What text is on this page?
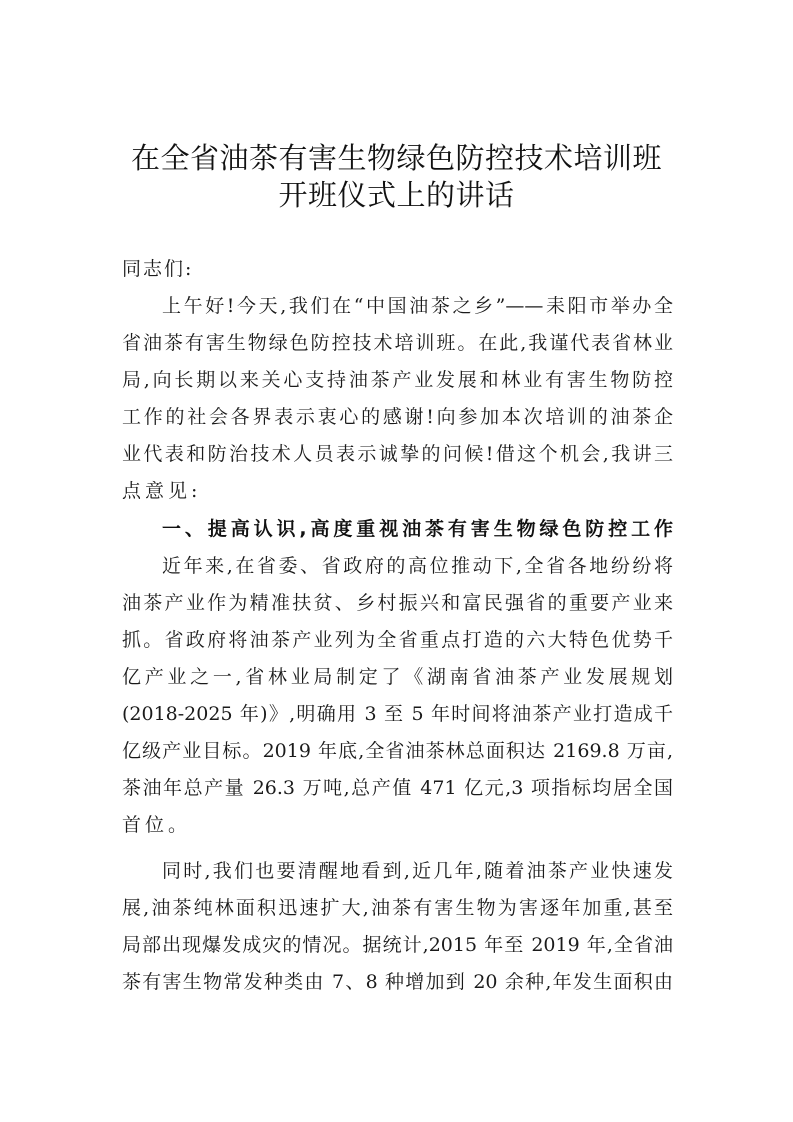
在全省油茶有害生物绿色防控技术培训班
开班仪式上的讲话
同志们:
上午好!今天,我们在“中国油茶之乡”——耒阳市举办全
省油茶有害生物绿色防控技术培训班。在此,我谨代表省林业
局,向长期以来关心支持油茶产业发展和林业有害生物防控
工作的社会各界表示衷心的感谢!向参加本次培训的油茶企
业代表和防治技术人员表示诚挚的问候!借这个机会,我讲三
点意见:
一、提高认识,高度重视油茶有害生物绿色防控工作
近年来,在省委、省政府的高位推动下,全省各地纷纷将
油茶产业作为精准扶贫、乡村振兴和富民强省的重要产业来
抓。省政府将油茶产业列为全省重点打造的六大特色优势千
亿产业之一,省林业局制定了《湖南省油茶产业发展规划
(2018-2025 年)》,明确用 3 至 5 年时间将油茶产业打造成千
亿级产业目标。2019 年底,全省油茶林总面积达 2169.8 万亩,
茶油年总产量 26.3 万吨,总产值 471 亿元,3 项指标均居全国
首位。
同时,我们也要清醒地看到,近几年,随着油茶产业快速发
展,油茶纯林面积迅速扩大,油茶有害生物为害逐年加重,甚至
局部出现爆发成灾的情况。据统计,2015 年至 2019 年,全省油
茶有害生物常发种类由 7、8 种增加到 20 余种,年发生面积由
